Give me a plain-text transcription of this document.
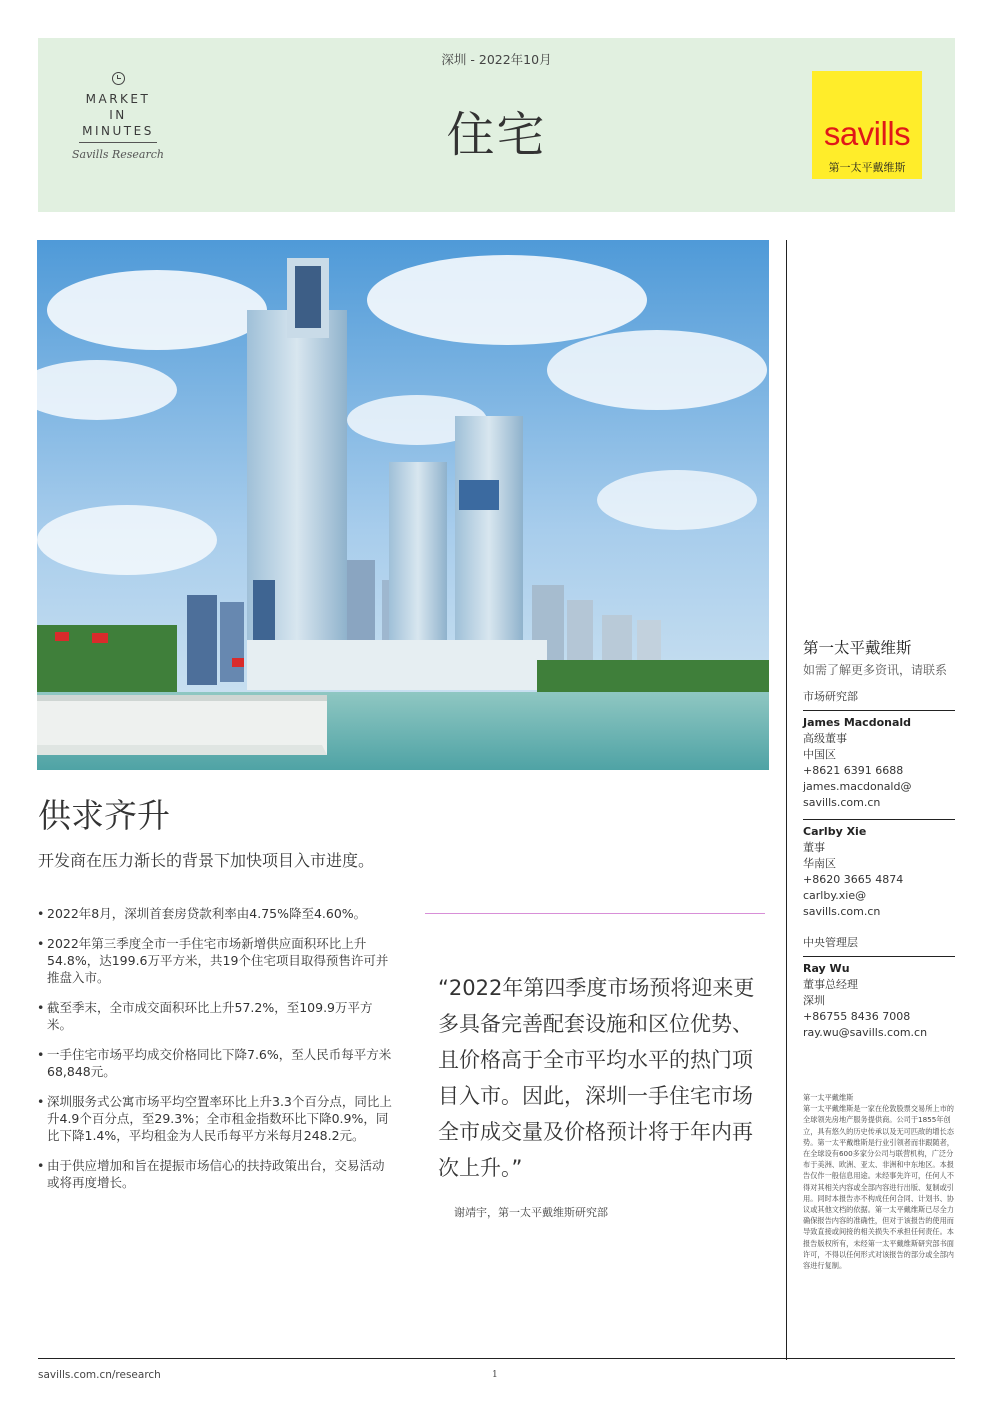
MARKET
IN
MINUTES
Savills Research
深圳 - 2022年10月
住宅	savills
第一太平戴维斯
供求齐升
开发商在压力渐长的背景下加快项目入市进度。
• 2022年8月，深圳首套房贷款利率由4.75%降至4.60%。
• 2022年第三季度全市一手住宅市场新增供应面积环比上升54.8%，达199.6万平方米，共19个住宅项目取得预售许可并推盘入市。
• 截至季末，全市成交面积环比上升57.2%，至109.9万平方米。
• 一手住宅市场平均成交价格同比下降7.6%，至人民币每平方米68,848元。
• 深圳服务式公寓市场平均空置率环比上升3.3个百分点，同比上升4.9个百分点，至29.3%；全市租金指数环比下降0.9%，同比下降1.4%，平均租金为人民币每平方米每月248.2元。
• 由于供应增加和旨在提振市场信心的扶持政策出台，交易活动或将再度增长。
“2022年第四季度市场预将迎来更多具备完善配套设施和区位优势、且价格高于全市平均水平的热门项目入市。因此，深圳一手住宅市场全市成交量及价格预计将于年内再次上升。”
谢靖宇，第一太平戴维斯研究部
第一太平戴维斯
如需了解更多资讯，请联系
市场研究部
James Macdonald
高级董事
中国区
+8621 6391 6688
james.macdonald@
savills.com.cn
Carlby Xie
董事
华南区
+8620 3665 4874
carlby.xie@
savills.com.cn
中央管理层
Ray Wu
董事总经理
深圳
+86755 8436 7008
ray.wu@savills.com.cn
第一太平戴维斯
第一太平戴维斯是一家在伦敦股票交易所上市的全球领先房地产服务提供商。公司于1855年创立，具有悠久的历史传承以及无可匹敌的增长态势。第一太平戴维斯是行业引领者而非跟随者，在全球设有600多家分公司与联营机构，广泛分布于美洲、欧洲、亚太、非洲和中东地区。本报告仅作一般信息用途。未经事先许可，任何人不得对其相关内容或全部内容进行出版、复制或引用。同时本报告亦不构成任何合同、计划书、协议或其他文档的依据。第一太平戴维斯已尽全力确保报告内容的准确性，但对于该报告的使用而导致直接或间接的相关损失不承担任何责任。本报告版权所有，未经第一太平戴维斯研究部书面许可，不得以任何形式对该报告的部分或全部内容进行复制。
savills.com.cn/research	1
